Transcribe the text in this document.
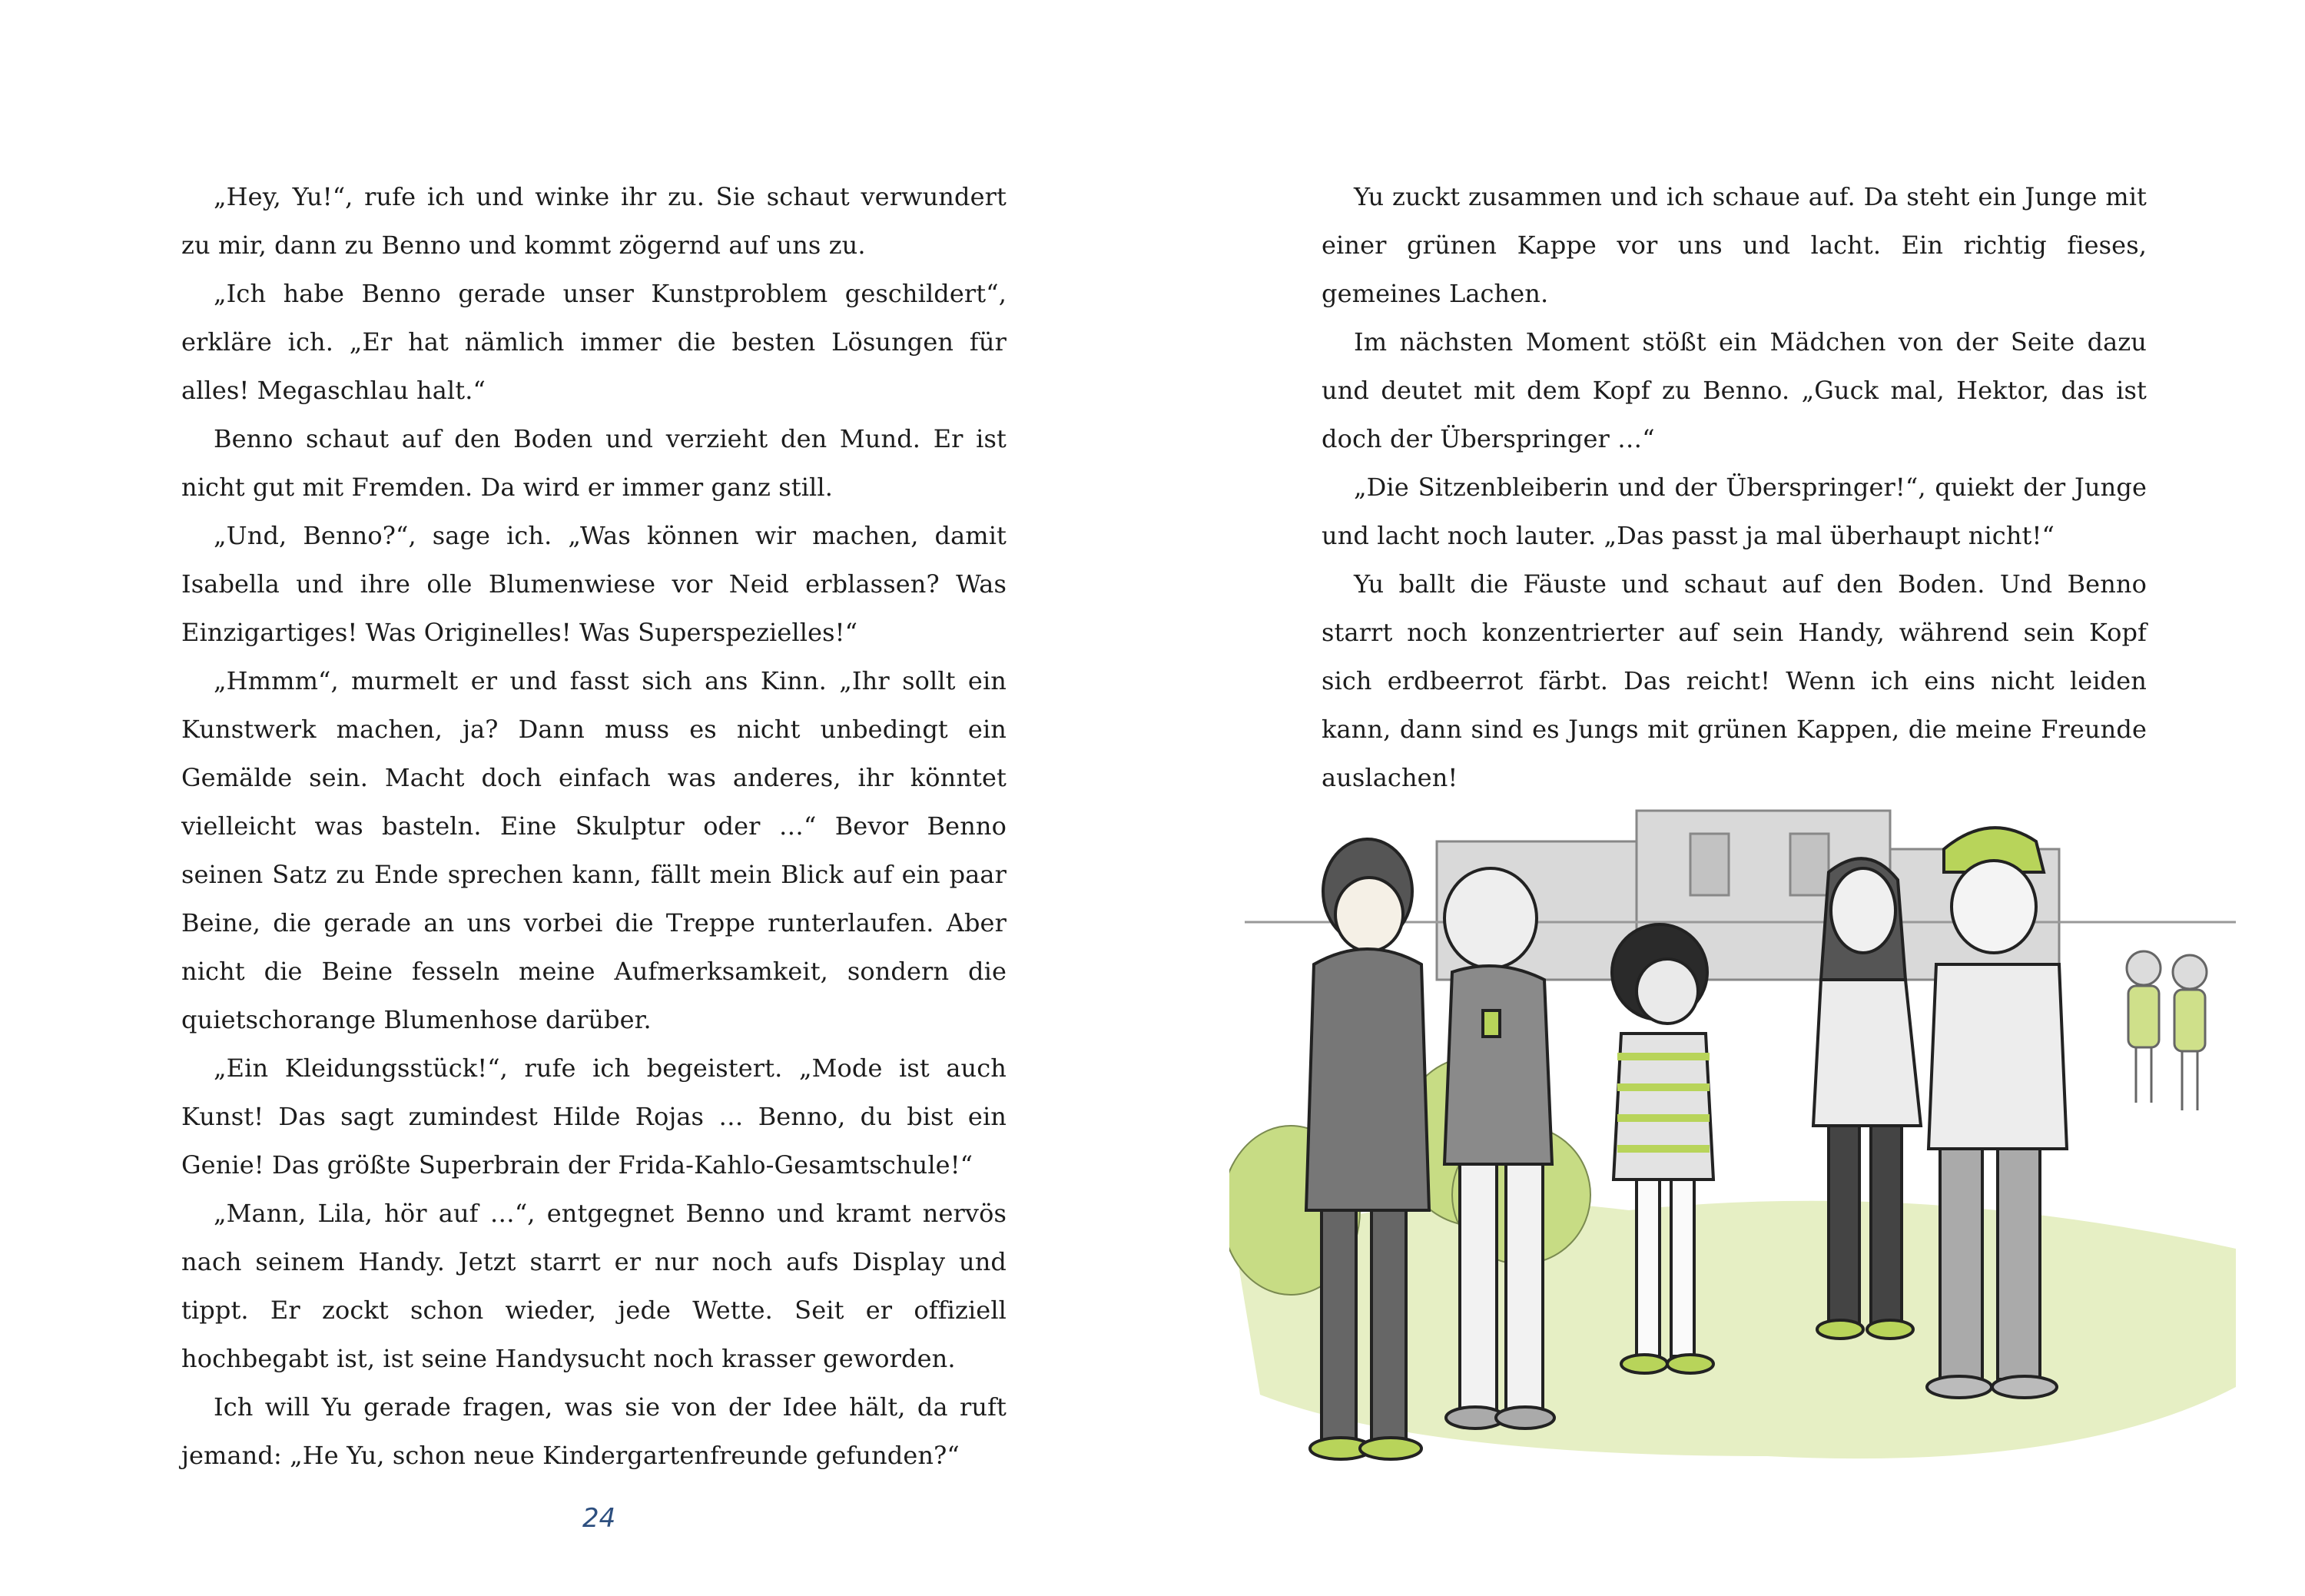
„Hey, Yu!“, rufe ich und winke ihr zu. Sie schaut verwundert zu mir, dann zu Benno und kommt zögernd auf uns zu.

„Ich habe Benno gerade unser Kunstproblem geschildert“, erkläre ich. „Er hat nämlich immer die besten Lösungen für alles! Megaschlau halt.“

Benno schaut auf den Boden und verzieht den Mund. Er ist nicht gut mit Fremden. Da wird er immer ganz still.

„Und, Benno?“, sage ich. „Was können wir machen, damit Isabella und ihre olle Blumenwiese vor Neid erblassen? Was Einzigartiges! Was Originelles! Was Superspezielles!“

„Hmmm“, murmelt er und fasst sich ans Kinn. „Ihr sollt ein Kunstwerk machen, ja? Dann muss es nicht unbedingt ein Gemälde sein. Macht doch einfach was anderes, ihr könntet vielleicht was basteln. Eine Skulptur oder …“ Bevor Benno seinen Satz zu Ende sprechen kann, fällt mein Blick auf ein paar Beine, die gerade an uns vorbei die Treppe runterlaufen. Aber nicht die Beine fesseln meine Aufmerksamkeit, sondern die quietschorange Blumenhose darüber.

„Ein Kleidungsstück!“, rufe ich begeistert. „Mode ist auch Kunst! Das sagt zumindest Hilde Rojas … Benno, du bist ein Genie! Das größte Superbrain der Frida-Kahlo-Gesamtschule!“

„Mann, Lila, hör auf …“, entgegnet Benno und kramt nervös nach seinem Handy. Jetzt starrt er nur noch aufs Display und tippt. Er zockt schon wieder, jede Wette. Seit er offiziell hochbegabt ist, ist seine Handysucht noch krasser geworden.

Ich will Yu gerade fragen, was sie von der Idee hält, da ruft jemand: „He Yu, schon neue Kindergartenfreunde gefunden?“

24

Yu zuckt zusammen und ich schaue auf. Da steht ein Junge mit einer grünen Kappe vor uns und lacht. Ein richtig fieses, gemeines Lachen.

Im nächsten Moment stößt ein Mädchen von der Seite dazu und deutet mit dem Kopf zu Benno. „Guck mal, Hektor, das ist doch der Überspringer …“

„Die Sitzenbleiberin und der Überspringer!“, quiekt der Junge und lacht noch lauter. „Das passt ja mal überhaupt nicht!“

Yu ballt die Fäuste und schaut auf den Boden. Und Benno starrt noch konzentrierter auf sein Handy, während sein Kopf sich erdbeerrot färbt. Das reicht! Wenn ich eins nicht leiden kann, dann sind es Jungs mit grünen Kappen, die meine Freunde auslachen!
